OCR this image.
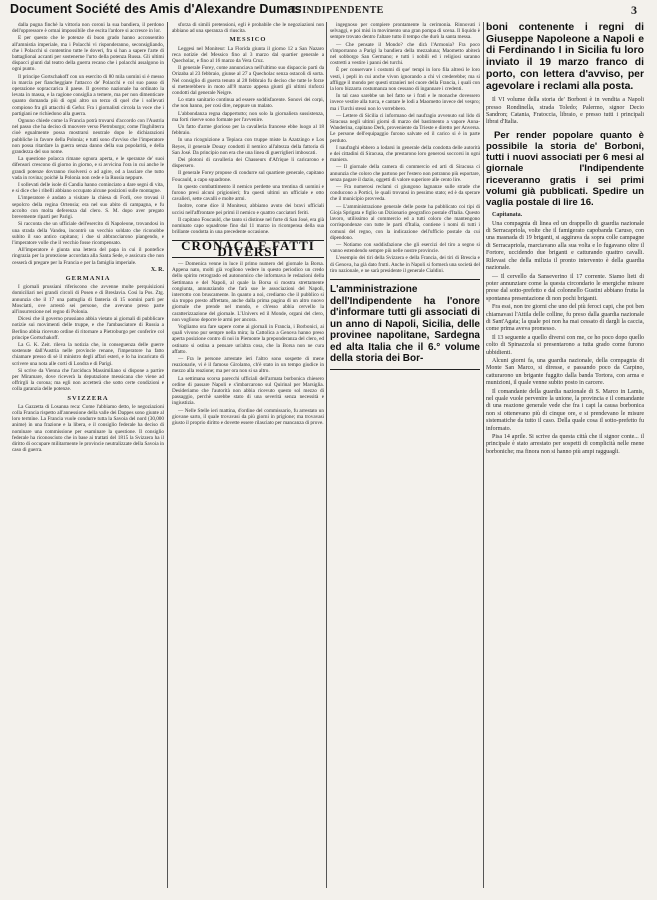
Document Société des Amis d'Alexandre Dumas
L'INDIPENDENTE	3

dalla pugna finchè la vittoria non coroni la sua bandiera, il perdono dell'oppressore è ormai impossibile che escita l'ardore si accresce in lor.

E per questo che le potenze di buon grado hanno acconsentito all'amnistia imperiale, ma i Polacchi vi risponderanno, seconsigliando, che i Polacchi si contentino tutte le doveri, fra si han a sapere l'arte di battaglionai accanti per sostenerne l'urto della potenza Russa. Gli ultimi dispacci giunti dal teatro della guerra recano che i polacchi assalgono in ogni punto.

Il principe Gortschakoff con un esercito di 80 mila uomini si è messo in marcia per fiancheggiare l'attacco de' Polacchi e col suo passo di operazione sopraccarica il paese. Il governo nazionale ha ordinato la levata in massa, e la ragione consiglia a temere, ma per non dimenticare quanto domanda più di ogni altro un terzo di quel che i sollevati compiono fra gli attacchi di Gefur. Fra i giornalisti circola la voce che i partigiani ne richiedono alla guerra.

Ognuno chiede come la Francia potrà trovarsi d'accordo con l'Austria nel passo che ha deciso di muovere verso Pietroburgo; come l'Inghilterra cioè egualmente possa mostrarsi neutrale dopo le dichiarazioni pubbliche in favore della Polonia; e tutti sono d'avviso che l'imperatore non possa ritardare la guerra senza danno della sua popolarità, e della grandezza del suo nome.

La questione polacca rimane ognora aperta, e le speranze de' suoi difensori crescono di giorno in giorno, e si avvicina l'ora in cui anche le grandi potenze dovranno risolversi o ad agire, od a lasciare che tutto vada in rovina; poichè la Polonia non cede e la Russia neppure.

I sollevati delle isole di Candia hanno cominciato a dare segni di vita, e si dice che i ribelli abbiano occupato alcune posizioni sulle montagne.

L'imperatore è andato a visitare la chiesa di Forlì, ove trovasi il sepolcro della regina Ortensia; era nel suo abito di campagna, e fu accolto con molta deferenza dal clero. S. M. dopo aver pregato brevemente ripartì per Parigi.

Si racconta che un ufficiale dell'esercito di Napoleone, trovandosi in una strada della Vandea, incontrò un vecchio soldato che riconobbe subito il suo antico capitano; i due si abbracciarono piangendo, e l'imperatore volle che il vecchio fosse ricompensato.

All'imperatore è giunta una lettera del papa in cui il pontefice ringrazia per la protezione accordata alla Santa Sede, e assicura che non cesserà di pregare per la Francia e per la famiglia imperiale.

X. R.
GERMANIA

I giornali prussiani riferiscono che avvenne molte perquisizioni domiciliari nei grandi circoli di Posen e di Breslavia. Così la Pos. Ztg. annunzia che il 17 una pattuglia di fanteria di 15 uomini partì per Mosciatti, ove arrestò sei persone, che avevano preso parte all'insurrezione nel regno di Polonia.

Dicesi che il governo prussiano abbia vietato ai giornali di pubblicare notizie sui movimenti delle truppe, e che l'ambasciatore di Russia a Berlino abbia ricevuto ordine di ritornare a Pietroburgo per conferire col principe Gortschakoff.

La G. K. Zeit. rileva la notizia che, in conseguenza delle guerre sostenute dall'Austria nelle provincie renane, l'imperatore ha fatto chiamare presso di sè il ministro degli affari esteri, e lo ha incaricato di scrivere una nota alle corti di Londra e di Parigi.

Si scrive da Vienna che l'arciduca Massimiliano si dispone a partire per Miramare, dove riceverà la deputazione messicana che viene ad offrirgli la corona; ma egli non accetterà che sotto certe condizioni e colla garanzia delle potenze.

SVIZZERA

La Gazzetta di Losanna reca: Come l'abbiamo detto, le negoziazioni colla Francia rispetto all'annessione della valle dei Dappes sono giunte al loro termine. La Francia vuole condurre tutta la Savoia del nord (30,000 anime) in una frazione e la libera, e il consiglio federale ha deciso di nominare una commissione per esaminare la questione. Il consiglio federale ha riconosciuto che in base ai trattati del 1815 la Svizzera ha il diritto di occupare militarmente le provincie neutralizzate della Savoia in caso di guerra.

sforza di simili pretensioni, egli è probabile che le negoziazioni non abbiano ad una speranza di riuscita.

MESSICO

Leggesi nel Moniteur: La Florida giunta il giorno 12 a San Nazaro reca notizie del Messico fino al 3 marzo dal quartier generale a Quecholac, e fino al 16 marzo da Vera Cruz.

Il generale Forey, come annunciava nell'ultimo suo dispaccio partì da Orizaba al 23 febbraio, giunse al 27 a Quecholac senza ostacoli di sorta. Nel consiglio di guerra tenuto al 28 febbraio fu deciso che tutte le forze si metterebbero in moto all'8 marzo appena giunti gli ultimi rinforzi condotti dal generale Neigre.

Lo stato sanitario continua ad essere soddisfacente. Sonovi dei corpi, che non hanno, per così dire, neppure un malato.

L'abbondanza regna dappertutto; non solo la giornaliera sussistenza, ma forti riserve sono formate per l'avvenire.

Un fatto d'arme glorioso per la cavalleria francese ebbe luogo al 18 febbraio.

In una ricognizione a Tepiaca con truppe miste la Azatzingo e Los Reyes, il generale Douay condotti il nemico all'altezza della fattoria di San José. Da principio non era che una linea di guerriglieri imboscati.

Dei plotoni di cavalleria dei Chasseurs d'Afrique li caricarono e dispersero.

Il generale Forey propose di condurre sul quartiere generale, capitano Foucauld, a capo squadrone.

In questo combattimento il nemico perdette una trentina di uomini e furono presi alcuni prigionieri; fra questi ultimi un ufficiale e otto cavalieri, sette cavalli e molte armi.

Inoltre, come dice il Moniteur, abbiamo avuto dei bravi ufficiali uccisi nell'affrontare pei primi il nemico e quattro cacciatori feriti.

Il capitano Foucauld, che tanto si distinse nel forte di San José, era già nominato capo squadrone fino dal 11 marzo in ricompensa della sua brillante condotta in una precedente occasione.

CRONACA E FATTI DIVERSI

— Domenica venne in luce il primo numero del giornale la Borsa. Appena nato, molti già vogliono vedere in questo periodico un credo dello spirito retrogrado ed autonomico che informava le redazioni della Settimana e del Napoli, al quale la Borsa si mostra strettamente congiunta, annunziando che farà sue le associazioni del Napoli, interrotto con bruscamente. In quanto a noi, crediamo che il pubblico si sia troppo presto affrettato, anche dalla prima pagina di un altro nuovo giornale che prende nel mondo, e ch'esso abbia cervello la caratterizzazione del giornale. L'Univers ed il Monde, organi del clero, non vogliono deporre le armi per ancora.

Vogliamo ora fare sapere come ai giornali in Francia, i Borbonici, ai quali vivono pur sempre nella mira; la Cattolica a Genova hanno preso aperta posizione contro di noi in Piemonte la preponderanza del clero, ed ostinato si ostina a pensare un'altra cosa, che la Borsa non ne cura affatto.

— Fra le persone arrestate ieri l'altro sono sospette di mene reazionarie, vi è il famoso Girolamo, ch'è stato in un tempo giudice in mezzo alla reazione; ma per ora non si sa altro.

La settimana scorsa parecchi ufficiali dell'armata borbonica chiesero ordine di passare Napoli e s'imbarcarono sul Quirinal per Marsiglia. Desideriamo che l'autorità non abbia ricevuto questo sol mezzo di passaggio, perchè sarebbe stato di una severità senza necessità e ingiustizia.

— Nelle Stelle ieri mattina, d'ordine del commissario, fu arrestato un giovane sarto, il quale trovavasi da più giorni in prigione; ma trovavasi giusto il proprio diritto e dovette essere rilasciato per mancanza di prove.

ingegnoso per compiere prontamente la cerimonia. Rinnovati i selvaggi, e poi misi in movimento una gran pompa di scena. Il liquido è sempre trovato dentro l'altare tutto il tempo che durò la santa messa.

— Che pensate il Mondo? che dirà l'Armonia? Fra poco s'imporranno a Parigi la bandiera della mezzaluna; Maometto abiterà nel sobborgo San Germano; e tutti i nobili ed i religiosi saranno costretti a vestire i panni dei turchi.

È per conservare i costumi di que' tempi in loro fila altresì le loro vesti, i pepli in cui anche vivon ignorando a chi vi crederebbe; ma si affligge il mondo per questi stranieri nel cuore della Francia, i quali con la loro bizzarra costumanza non cessano di ingannare i credenti.

In tal caso sarebbe un bel fatto se i frati e le monache dovessero invece vestire alla turca, e cantare le lodi a Maometto invece del vespro; ma i Turchi stessi non lo vorrebbero.

— Lettere di Sicilia ci informano del naufragio avvenuto sul lido di Siracusa negli ultimi giorni di marzo del bastimento a vapore Anna-Wanderina, capitano Derk, proveniente da Trieste e diretto per Anversa. Le persone dell'equipaggio furono salvate ed il carico si è in parte perduto.

I naufraghi ebbero a lodarsi in generale della condotta delle autorità e dei cittadini di Siracusa, che prestarono loro generosi soccorsi in ogni maniera.

— Il giornale della camera di commercio ed arti di Siracusa ci annunzia che coloro che partono per l'estero non potranno più esportare, senza pagare il dazio, oggetti di valore superiore alle cento lire.

— Fra numerosi reclami ci giungono lagnanze sulle strade che conducono a Portici, le quali trovansi in pessimo stato; ed è da sperare che il municipio provveda.

— L'amministrazione generale delle poste ha pubblicato coi tipi di Gioja Sprigata e figlio un Dizionario geografico postale d'Italia. Questo lavoro, utilissimo al commercio ed a tutti coloro che mantengono corrispondenze con tutte le parti d'Italia, contiene i nomi di tutti i comuni del regno, con la indicazione dell'ufficio postale da cui dipendono.

— Notiamo con soddisfazione che gli esercizi del tiro a segno si vanno estendendo sempre più nelle nostre provincie.

L'esempio dei tiri della Svizzera e della Francia, dei tiri di Brescia e di Genova, ha già dato frutti. Anche in Napoli si formerà una società del tiro nazionale, e ne sarà presidente il generale Cialdini.

L'amministrazione dell'Indipendente ha l'onore d'informare tutti gli associati di un anno di Napoli, Sicilia, delle provinee napolitane, Sardegna ed alta Italia che il 6.° volume della storia dei Bor-
boni contenente i regni di Giuseppe Napoleone a Napoli e di Ferdinando I in Sicilia fu loro inviato il 19 marzo franco di porto, con lettera d'avviso, per agevolare i reclami alla posta.

Il VI volume della storia de' Borboni è in vendita a Napoli presso Rondinella, strada Toledo; Palermo, signor Decio Sandron; Catania, Fratoccia, libraio, e presso tutti i principali librai d'Italia.

Per render popolare quanto è possibile la storia de' Borboni, tutti i nuovi associati per 6 mesi al giornale l'Indipendente riceveranno gratis i sei primi volumi già pubblicati. Spedire un vaglia postale di lire 16.

Capitanata.

Una compagnia di linea ed un drappello di guardia nazionale di Serracapriola, volte che il famigerato capobanda Caruso, con una masnada di 19 briganti, si aggirava da sopra colle campagne di Serracapriola, marciavano alla sua volta e lo fugavano oltre il Fortore, uccidendo due briganti e catturando quattro cavalli. Rilevasi che della milizia il pronto intervento è della guardia nazionale.

— Il cervello da Sanseverino il 17 corrente. Siamo lieti di poter annunziare come la questa circondario le energiche misure prese dal sotto-prefetto e dal colonnello Gustini abbiano frutta la spontanea presentazione di non pochi briganti.

Fra essi, non tre giorni che uno del più feroci capi, che poi ben chiamavasi l'Attila delle colline, fu preso dalla guardia nazionale di Sant'Agata; la quale poi non ha mai cessato di dargli la caccia, come prima aveva promesso.

Il 13 seguente a quello diversi con me, ce ho poco dopo quello colto di Spinazzola si presentarono a tutta grado come furono ubbidienti.

Alcuni giorni fa, una guardia nazionale, della compagnia di Monte San Marco, si diresse, e passando poco da Carpino, catturarono un brigante fuggito dalla banda Tortora, con arma e munizioni, il quale venne subito posto in carcere.

Il comandante della guardia nazionale di S. Marco in Lamis, nel quale vuole pervenire la unione, la provincia e il comandante di una reazione generale vede che fra i capi la causa borbonica non si ottenevano più di cinque ore, e si prendevano le misure sistematiche da tutto il caso. Della quale cosa il sotto-prefetto fu informato.

Pisa 14 aprile. Si scrive da questa città che il signor conte... il principale è stato arrestato per sospetti di complicità nelle mene borboniche; ma finora non si hanno più ampi ragguagli.
